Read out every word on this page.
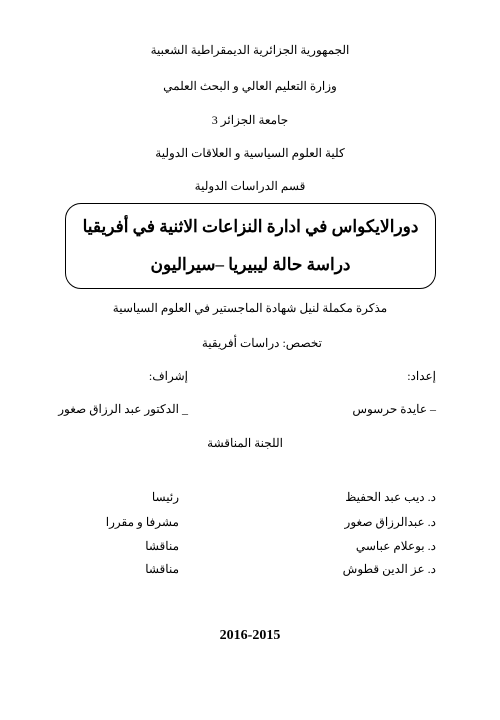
الجمهورية الجزائرية الديمقراطية الشعبية
وزارة التعليم العالي و البحث العلمي
جامعة الجزائر 3
كلية العلوم السياسية و العلاقات الدولية
قسم الدراسات الدولية
دورالايكواس في ادارة النزاعات الاثنية في أفريقيا
دراسة حالة ليبيريا –سيراليون
مذكرة مكملة لنيل شهادة الماجستير في العلوم السياسية
تخصص: دراسات أفريقية
إعداد:
إشراف:
– عايدة حرسوس
_ الدكتور عبد الرزاق صغور
اللجنة المناقشة
د. ديب عبد الحفيظ
رئيسا
د. عبدالرزاق صغور
مشرفا و مقررا
د. بوعلام عباسي
مناقشا
د. عز الدين قطوش
مناقشا
2016-2015
